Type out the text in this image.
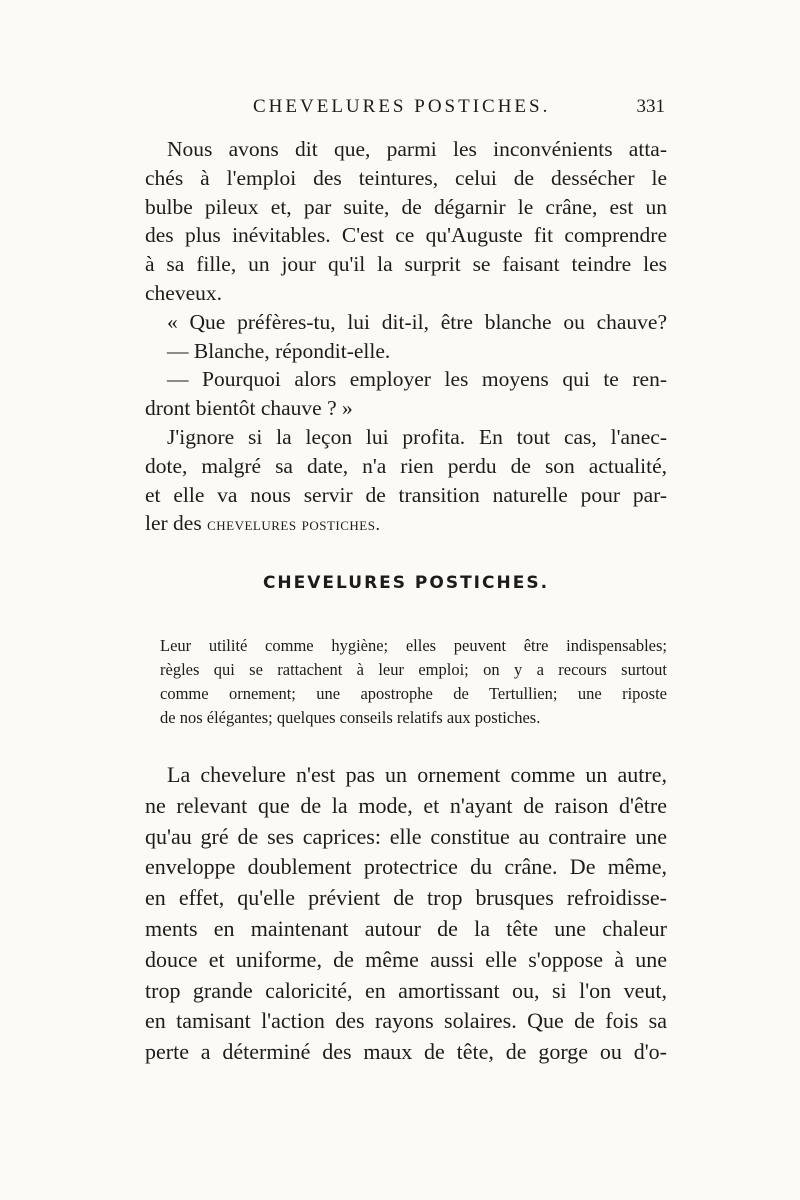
CHEVELURES POSTICHES.	331
Nous avons dit que, parmi les inconvénients atta-
chés à l'emploi des teintures, celui de dessécher le
bulbe pileux et, par suite, de dégarnir le crâne, est un
des plus inévitables. C'est ce qu'Auguste fit comprendre
à sa fille, un jour qu'il la surprit se faisant teindre les
cheveux.
« Que préfères-tu, lui dit-il, être blanche ou chauve?
— Blanche, répondit-elle.
— Pourquoi alors employer les moyens qui te ren-
dront bientôt chauve ? »
J'ignore si la leçon lui profita. En tout cas, l'anec-
dote, malgré sa date, n'a rien perdu de son actualité,
et elle va nous servir de transition naturelle pour par-
ler des chevelures postiches.
CHEVELURES POSTICHES.
Leur utilité comme hygiène; elles peuvent être indispensables;
règles qui se rattachent à leur emploi; on y a recours surtout
comme ornement; une apostrophe de Tertullien; une riposte
de nos élégantes; quelques conseils relatifs aux postiches.
La chevelure n'est pas un ornement comme un autre,
ne relevant que de la mode, et n'ayant de raison d'être
qu'au gré de ses caprices: elle constitue au contraire une
enveloppe doublement protectrice du crâne. De même,
en effet, qu'elle prévient de trop brusques refroidisse-
ments en maintenant autour de la tête une chaleur
douce et uniforme, de même aussi elle s'oppose à une
trop grande caloricité, en amortissant ou, si l'on veut,
en tamisant l'action des rayons solaires. Que de fois sa
perte a déterminé des maux de tête, de gorge ou d'o-
